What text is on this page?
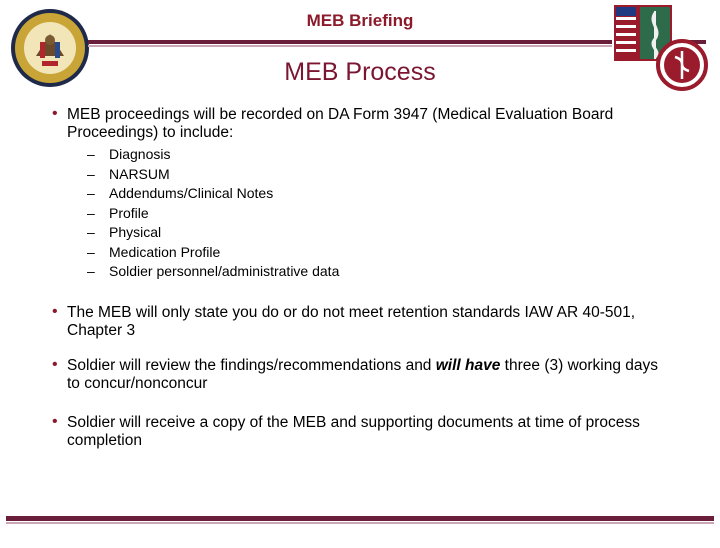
MEB Briefing
MEB Process
• MEB proceedings will be recorded on DA Form 3947 (Medical Evaluation Board Proceedings) to include:
– Diagnosis
– NARSUM
– Addendums/Clinical Notes
– Profile
– Physical
– Medication Profile
– Soldier personnel/administrative data
• The MEB will only state you do or do not meet retention standards IAW AR 40-501, Chapter 3
• Soldier will review the findings/recommendations and will have three (3) working days to concur/nonconcur
• Soldier will receive a copy of the MEB and supporting documents at time of process completion
